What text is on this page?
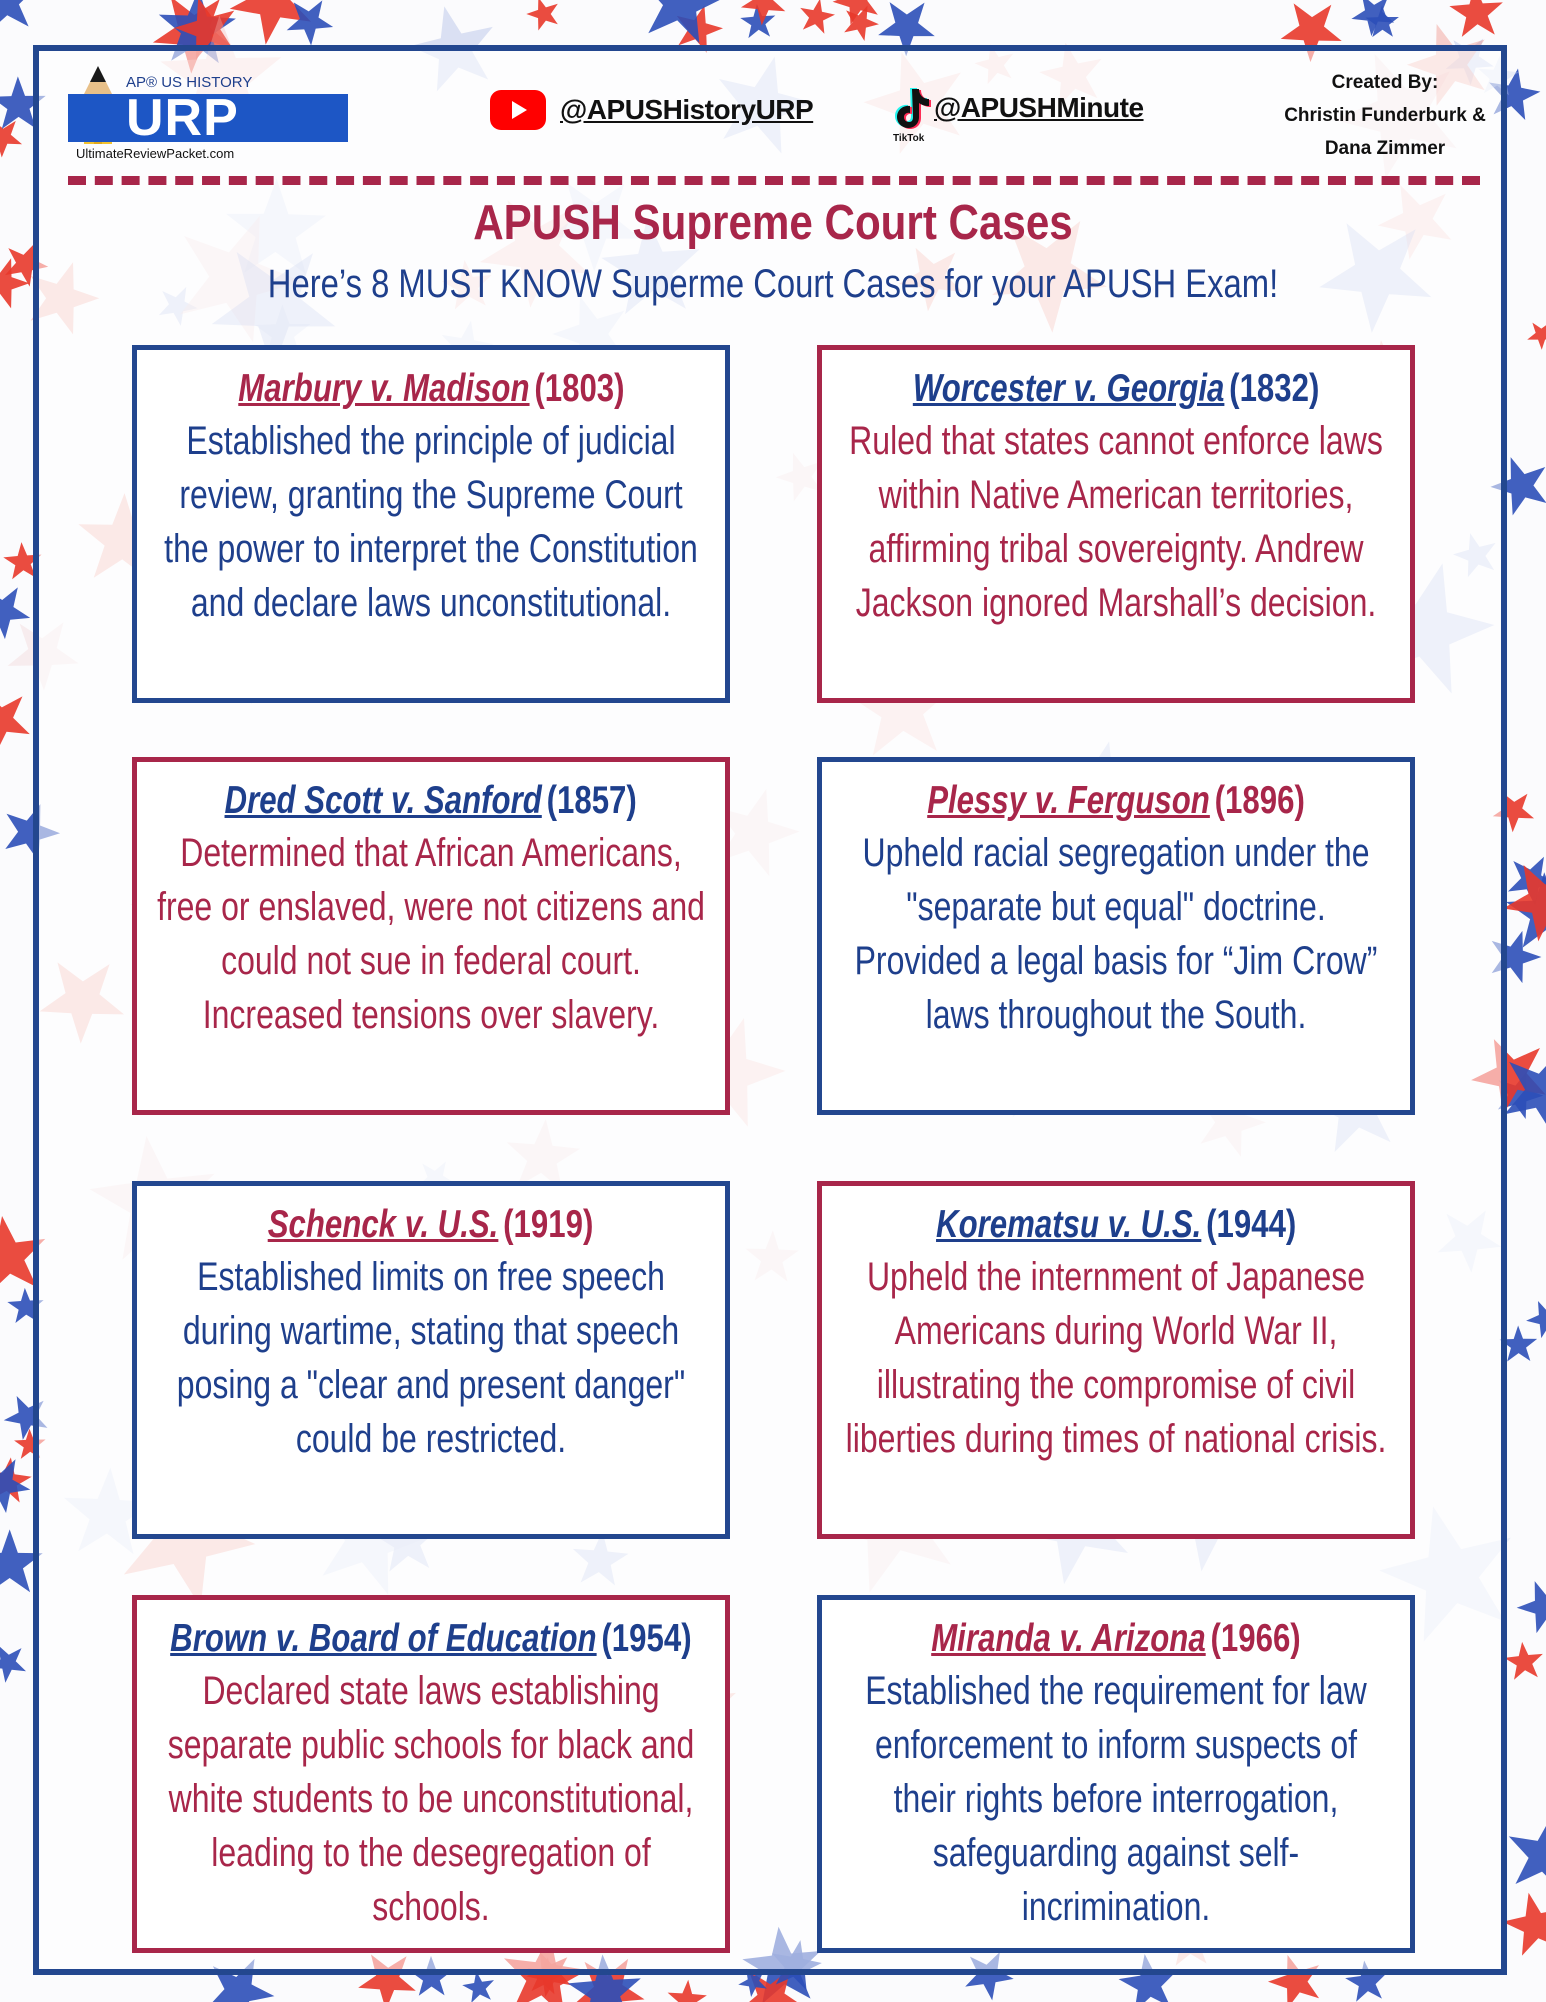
AP® US HISTORY
URP
UltimateReviewPacket.com
@APUSHistoryURP	@APUSHMinute
TikTok
Created By:
Christin Funderburk &
Dana Zimmer
APUSH Supreme Court Cases
Here’s 8 MUST KNOW Superme Court Cases for your APUSH Exam!
Marbury v. Madison (1803)
Established the principle of judicial review, granting the Supreme Court the power to interpret the Constitution and declare laws unconstitutional.
Worcester v. Georgia (1832)
Ruled that states cannot enforce laws within Native American territories, affirming tribal sovereignty. Andrew Jackson ignored Marshall’s decision.
Dred Scott v. Sanford (1857)
Determined that African Americans, free or enslaved, were not citizens and could not sue in federal court. Increased tensions over slavery.
Plessy v. Ferguson (1896)
Upheld racial segregation under the "separate but equal" doctrine. Provided a legal basis for “Jim Crow” laws throughout the South.
Schenck v. U.S. (1919)
Established limits on free speech during wartime, stating that speech posing a "clear and present danger" could be restricted.
Korematsu v. U.S. (1944)
Upheld the internment of Japanese Americans during World War II, illustrating the compromise of civil liberties during times of national crisis.
Brown v. Board of Education (1954)
Declared state laws establishing separate public schools for black and white students to be unconstitutional, leading to the desegregation of schools.
Miranda v. Arizona (1966)
Established the requirement for law enforcement to inform suspects of their rights before interrogation, safeguarding against self-incrimination.
